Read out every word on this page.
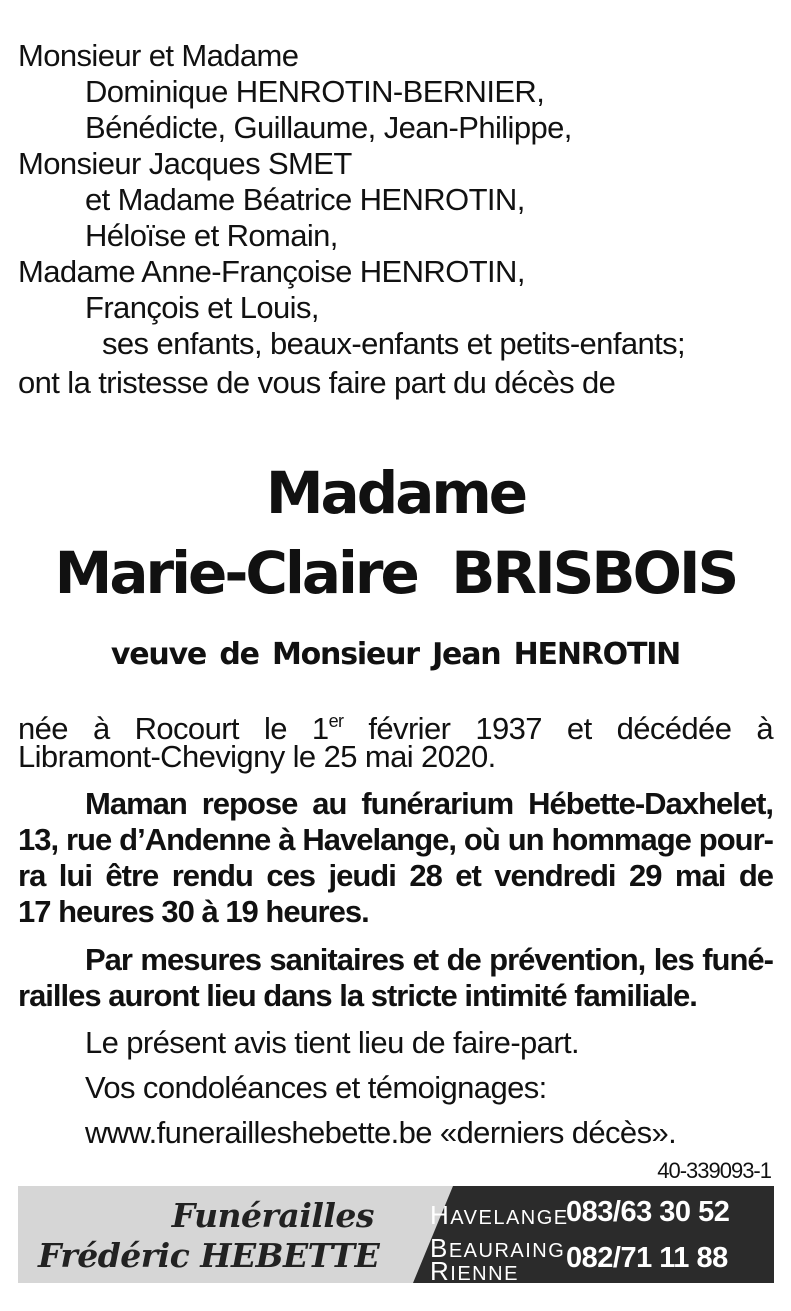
Monsieur et Madame
Dominique HENROTIN-BERNIER,
Bénédicte, Guillaume, Jean-Philippe,
Monsieur Jacques SMET
et Madame Béatrice HENROTIN,
Héloïse et Romain,
Madame Anne-Françoise HENROTIN,
François et Louis,
ses enfants, beaux-enfants et petits-enfants;
ont la tristesse de vous faire part du décès de
Madame
Marie-Claire  BRISBOIS
veuve de Monsieur Jean HENROTIN
née à Rocourt le 1er février 1937 et décédée à
Libramont-Chevigny le 25 mai 2020.
Maman repose au funérarium Hébette-Daxhelet,
13, rue d’Andenne à Havelange, où un hommage pour-
ra lui être rendu ces jeudi 28 et vendredi 29 mai de
17 heures 30 à 19 heures.
Par mesures sanitaires et de prévention, les funé-
railles auront lieu dans la stricte intimité familiale.
Le présent avis tient lieu de faire-part.
Vos condoléances et témoignages:
www.funerailleshebette.be «derniers décès».
40-339093-1
Funérailles
Frédéric HEBETTE
HAVELANGE
083/63 30 52
BEAURAING
RIENNE 082/71 11 88
